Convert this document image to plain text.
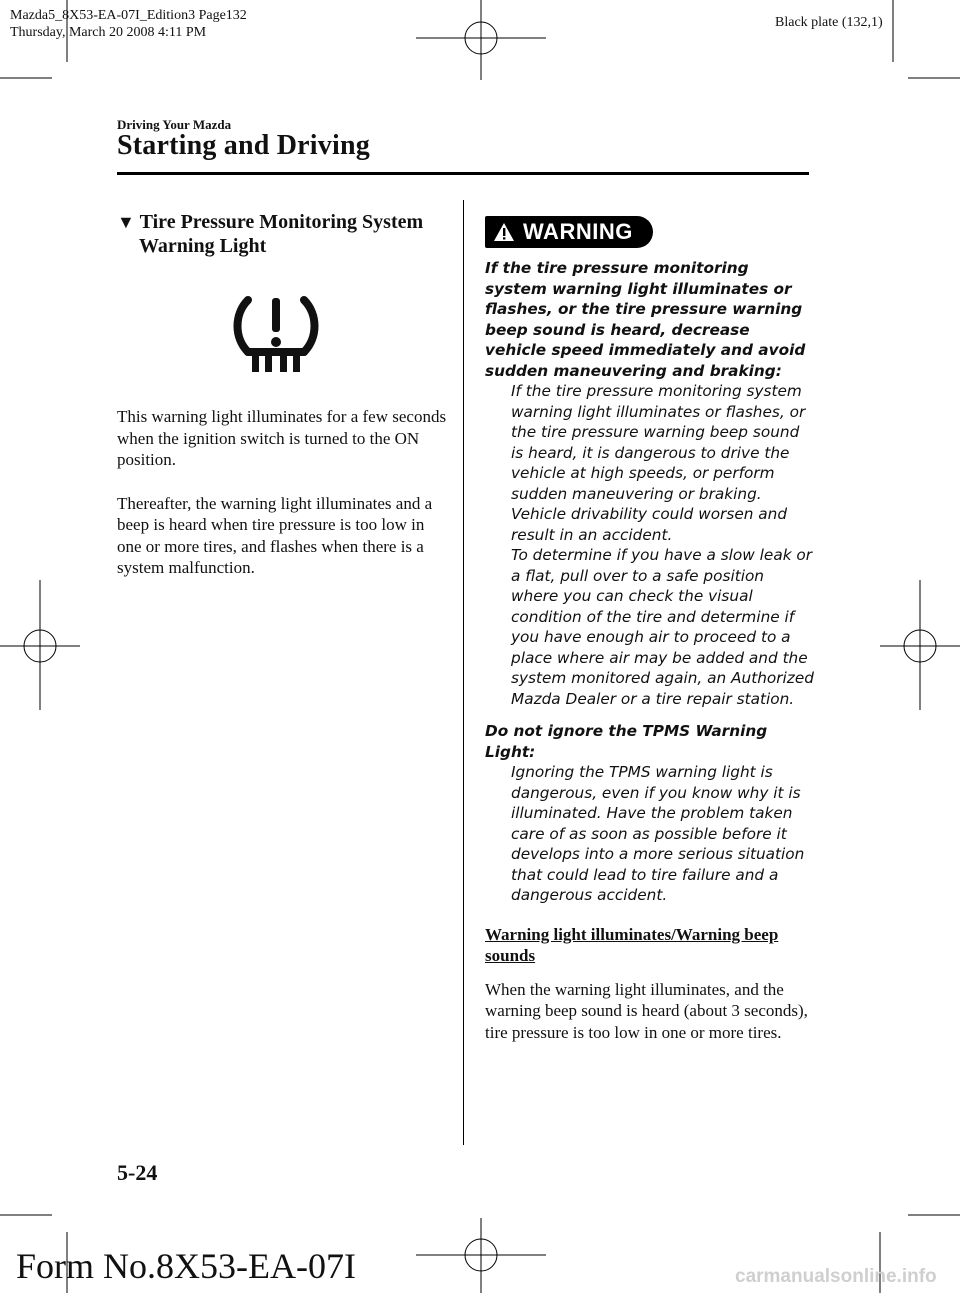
Mazda5_8X53-EA-07I_Edition3 Page132
Thursday, March 20 2008 4:11 PM
Black plate (132,1)
Driving Your Mazda
Starting and Driving
▼ Tire Pressure Monitoring System
Warning Light

This warning light illuminates for a few seconds when the ignition switch is turned to the ON position.

Thereafter, the warning light illuminates and a beep is heard when tire pressure is too low in one or more tires, and flashes when there is a system malfunction.

WARNING
If the tire pressure monitoring system warning light illuminates or flashes, or the tire pressure warning beep sound is heard, decrease vehicle speed immediately and avoid sudden maneuvering and braking:
If the tire pressure monitoring system warning light illuminates or flashes, or the tire pressure warning beep sound is heard, it is dangerous to drive the vehicle at high speeds, or perform sudden maneuvering or braking. Vehicle drivability could worsen and result in an accident.
To determine if you have a slow leak or a flat, pull over to a safe position where you can check the visual condition of the tire and determine if you have enough air to proceed to a place where air may be added and the system monitored again, an Authorized Mazda Dealer or a tire repair station.
Do not ignore the TPMS Warning Light:
Ignoring the TPMS warning light is dangerous, even if you know why it is illuminated. Have the problem taken care of as soon as possible before it develops into a more serious situation that could lead to tire failure and a dangerous accident.
Warning light illuminates/Warning beep sounds
When the warning light illuminates, and the warning beep sound is heard (about 3 seconds), tire pressure is too low in one or more tires.
5-24
Form No.8X53-EA-07I	carmanualsonline.info
